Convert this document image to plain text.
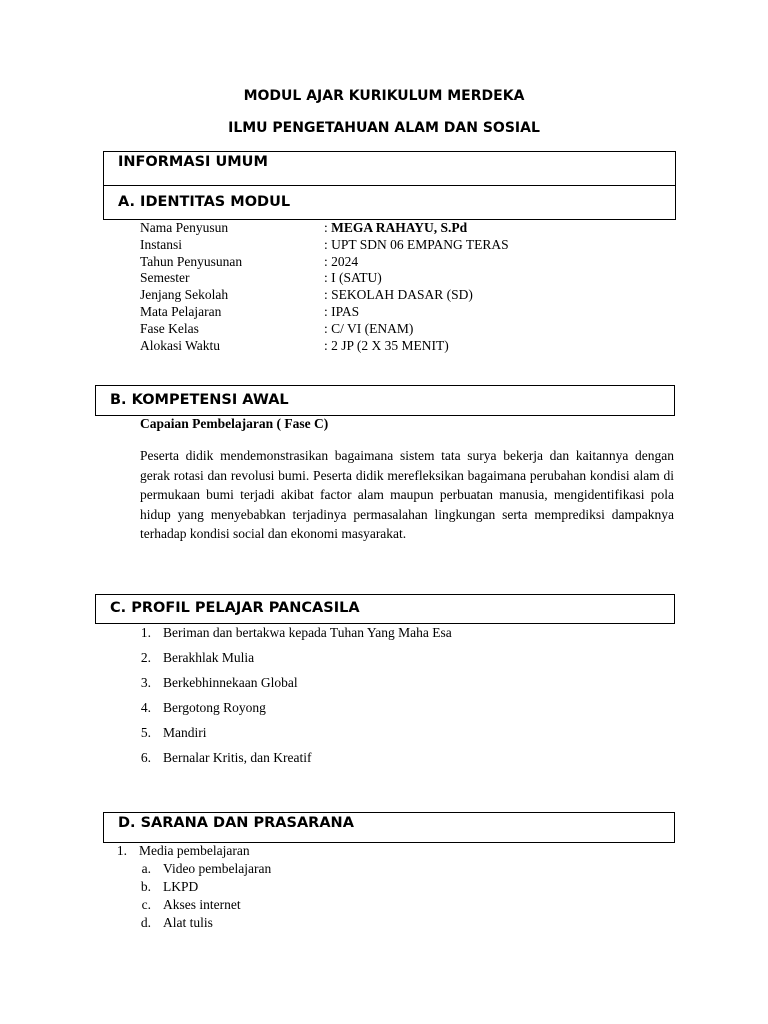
MODUL AJAR KURIKULUM MERDEKA
ILMU PENGETAHUAN ALAM DAN SOSIAL
INFORMASI UMUM
A. IDENTITAS MODUL
Nama Penyusun	: MEGA RAHAYU, S.Pd
Instansi	: UPT SDN 06 EMPANG TERAS
Tahun Penyusunan	: 2024
Semester	: I (SATU)
Jenjang Sekolah	: SEKOLAH DASAR (SD)
Mata Pelajaran	: IPAS
Fase Kelas	: C/ VI (ENAM)
Alokasi Waktu	: 2 JP (2 X 35 MENIT)
B. KOMPETENSI AWAL
Capaian Pembelajaran ( Fase C)

Peserta didik mendemonstrasikan bagaimana sistem tata surya bekerja dan kaitannya dengan gerak rotasi dan revolusi bumi. Peserta didik merefleksikan bagaimana perubahan kondisi alam di permukaan bumi terjadi akibat factor alam maupun perbuatan manusia, mengidentifikasi pola hidup yang menyebabkan terjadinya permasalahan lingkungan serta memprediksi dampaknya terhadap kondisi social dan ekonomi masyarakat.

C. PROFIL PELAJAR PANCASILA
1. Beriman dan bertakwa kepada Tuhan Yang Maha Esa
2. Berakhlak Mulia
3. Berkebhinnekaan Global
4. Bergotong Royong
5. Mandiri
6. Bernalar Kritis, dan Kreatif
D. SARANA DAN PRASARANA
1. Media pembelajaran
a. Video pembelajaran
b. LKPD
c. Akses internet
d. Alat tulis
